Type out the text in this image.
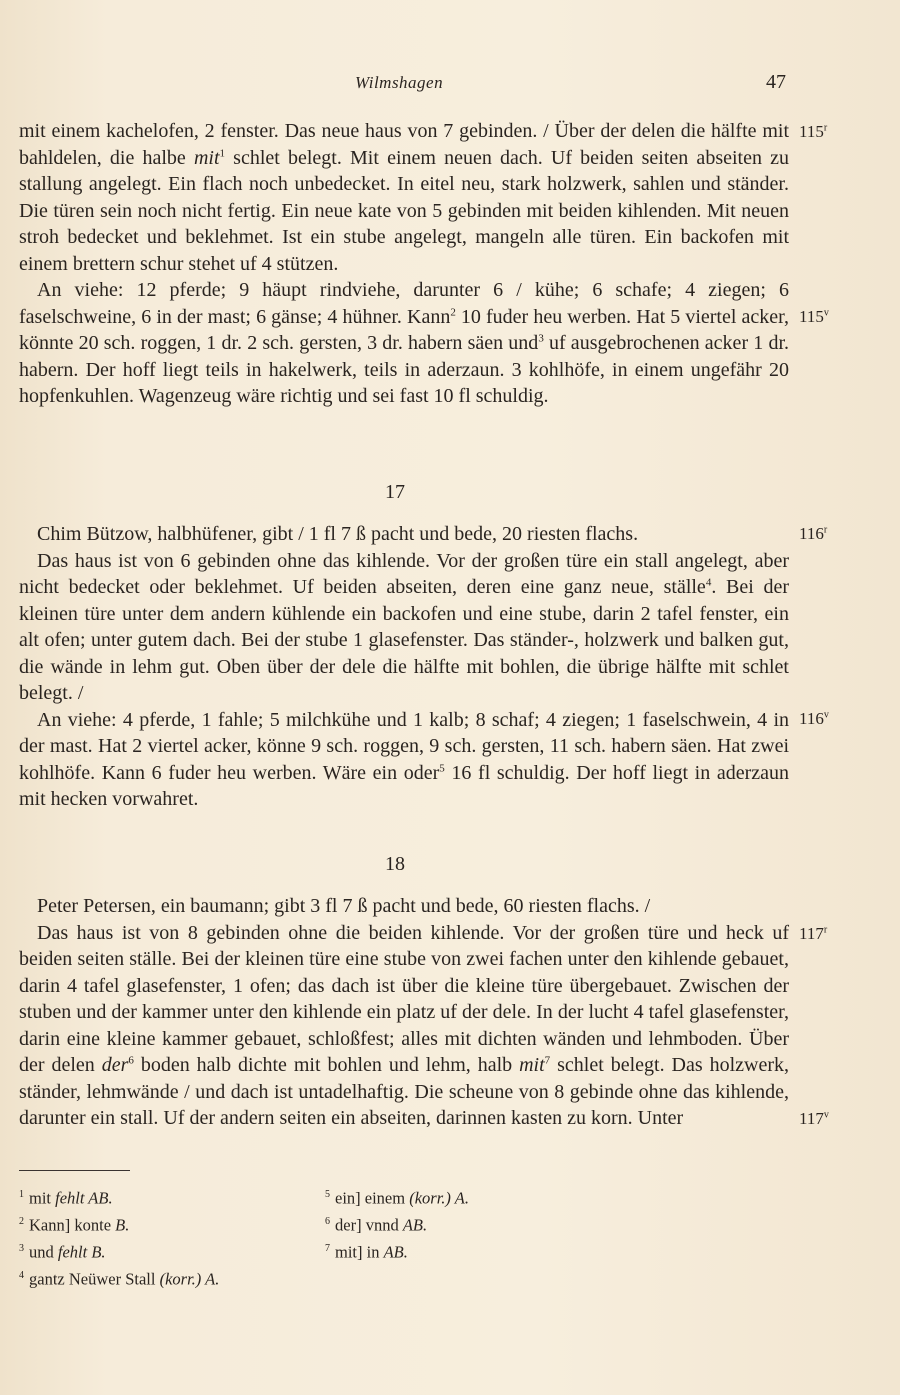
Wilmshagen	47

mit einem kachelofen, 2 fenster. Das neue haus von 7 gebinden. / Über der delen die hälfte mit bahldelen, die halbe mit$^1$ schlet belegt. Mit einem neuen dach. Uf beiden seiten abseiten zu stallung angelegt. Ein flach noch unbedecket. In eitel neu, stark holzwerk, sahlen und ständer. Die türen sein noch nicht fertig. Ein neue kate von 5 gebinden mit beiden kihlenden. Mit neuen stroh bedecket und beklehmet. Ist ein stube angelegt, mangeln alle türen. Ein backofen mit einem brettern schur stehet uf 4 stützen.

An viehe: 12 pferde; 9 häupt rindviehe, darunter 6 / kühe; 6 schafe; 4 ziegen; 6 faselschweine, 6 in der mast; 6 gänse; 4 hühner. Kann$^2$ 10 fuder heu werben. Hat 5 viertel acker, könnte 20 sch. roggen, 1 dr. 2 sch. gersten, 3 dr. habern säen und$^3$ uf ausgebrochenen acker 1 dr. habern. Der hoff liegt teils in hakelwerk, teils in aderzaun. 3 kohlhöfe, in einem ungefähr 20 hopfenkuhlen. Wagenzeug wäre richtig und sei fast 10 fl schuldig.

17

Chim Bützow, halbhüfener, gibt / 1 fl 7 ß pacht und bede, 20 riesten flachs.

Das haus ist von 6 gebinden ohne das kihlende. Vor der großen türe ein stall angelegt, aber nicht bedecket oder beklehmet. Uf beiden abseiten, deren eine ganz neue, ställe$^4$. Bei der kleinen türe unter dem andern kühlende ein backofen und eine stube, darin 2 tafel fenster, ein alt ofen; unter gutem dach. Bei der stube 1 glasefenster. Das ständer-, holzwerk und balken gut, die wände in lehm gut. Oben über der dele die hälfte mit bohlen, die übrige hälfte mit schlet belegt. /

An viehe: 4 pferde, 1 fahle; 5 milchkühe und 1 kalb; 8 schaf; 4 ziegen; 1 faselschwein, 4 in der mast. Hat 2 viertel acker, könne 9 sch. roggen, 9 sch. gersten, 11 sch. habern säen. Hat zwei kohlhöfe. Kann 6 fuder heu werben. Wäre ein oder$^5$ 16 fl schuldig. Der hoff liegt in aderzaun mit hecken vorwahret.

18

Peter Petersen, ein baumann; gibt 3 fl 7 ß pacht und bede, 60 riesten flachs. /

Das haus ist von 8 gebinden ohne die beiden kihlende. Vor der großen türe und heck uf beiden seiten ställe. Bei der kleinen türe eine stube von zwei fachen unter den kihlende gebauet, darin 4 tafel glasefenster, 1 ofen; das dach ist über die kleine türe übergebauet. Zwischen der stuben und der kammer unter den kihlende ein platz uf der dele. In der lucht 4 tafel glasefenster, darin eine kleine kammer gebauet, schloßfest; alles mit dichten wänden und lehmboden. Über der delen der$^6$ boden halb dichte mit bohlen und lehm, halb mit$^7$ schlet belegt. Das holzwerk, ständer, lehmwände / und dach ist untadelhaftig. Die scheune von 8 gebinde ohne das kihlende, darunter ein stall. Uf der andern seiten ein abseiten, darinnen kasten zu korn. Unter

115$^r$
115$^v$
116$^r$
116$^v$
117$^r$
117$^v$
$^1$ mit fehlt AB.
$^2$ Kann] konte B.
$^3$ und fehlt B.
$^4$ gantz Neüwer Stall (korr.) A.
$^5$ ein] einem (korr.) A.
$^6$ der] vnnd AB.
$^7$ mit] in AB.
